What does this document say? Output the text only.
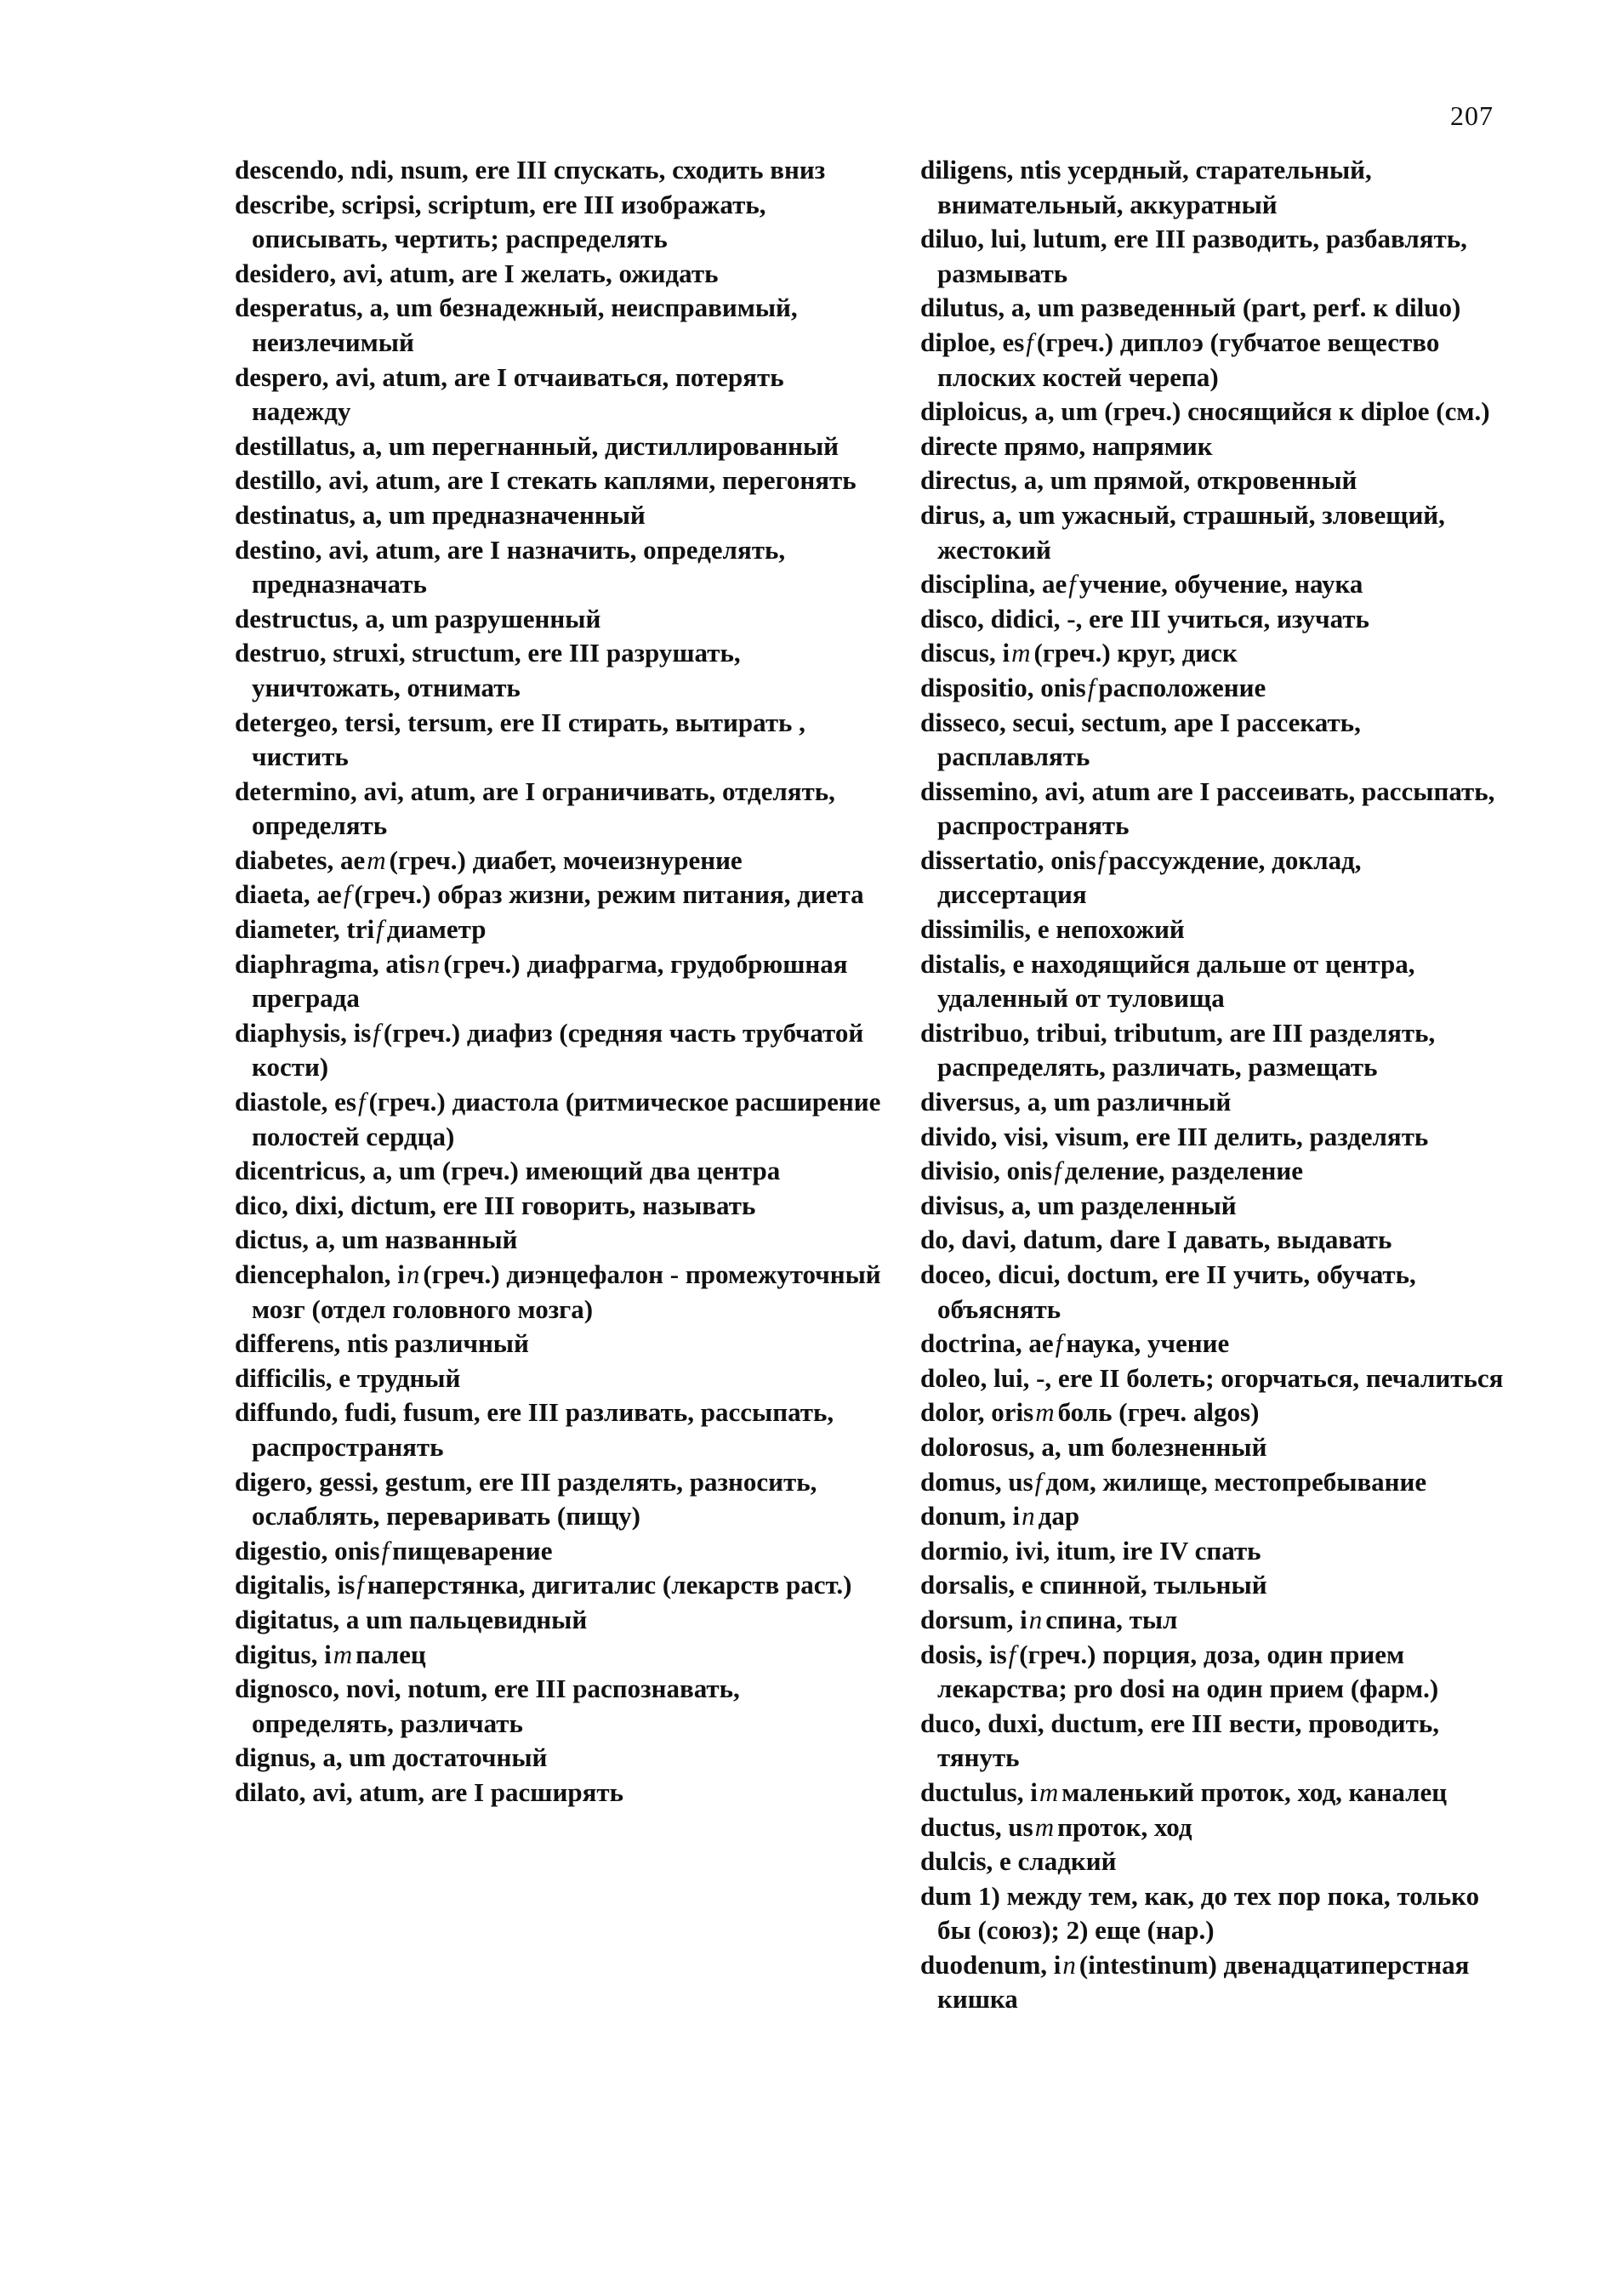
207

descendo, ndi, nsum, ere III спускать, сходить вниз

describe, scripsi, scriptum, ere III изображать, описывать, чертить; распределять

desidero, avi, atum, are I желать, ожидать

desperatus, a, um безнадежный, неисправимый, неизлечимый

despero, avi, atum, are I отчаиваться, потерять надежду

destillatus, a, um перегнанный, дистиллированный

destillo, avi, atum, are I стекать каплями, перегонять

destinatus, a, um предназначенный

destino, avi, atum, are I назначить, определять, предназначать

destructus, a, um разрушенный

destruo, struxi, structum, ere III разрушать, уничтожать, отнимать

detergeo, tersi, tersum, ere II стирать, вытирать , чистить

determino, avi, atum, are I ограничивать, отделять, определять

diabetes, aem (греч.) диабет, мочеизнурение

diaeta, aef (греч.) образ жизни, режим питания, диета

diameter, trif диаметр

diaphragma, atisn (греч.) диафрагма, грудобрюшная преграда

diaphysis, isf (греч.) диафиз (средняя часть трубчатой кости)

diastole, esf (греч.) диастола (ритмическое расширение полостей сердца)

dicentricus, a, um (греч.) имеющий два центра

dico, dixi, dictum, ere III говорить, называть

dictus, a, um названный

diencephalon, in (греч.) диэнцефалон - промежуточный мозг (отдел головного мозга)

differens, ntis различный

difficilis, e трудный

diffundo, fudi, fusum, ere III разливать, рассыпать, распространять

digero, gessi, gestum, ere III разделять, разносить, ослаблять, переваривать (пищу)

digestio, onisf пищеварение

digitalis, isf наперстянка, дигиталис (лекарств раст.)

digitatus, a um пальцевидный

digitus, im палец

dignosco, novi, notum, ere III распознавать, определять, различать

dignus, a, um достаточный

dilato, avi, atum, are I расширять

diligens, ntis усердный, старательный, внимательный, аккуратный

diluo, lui, lutum, ere III разводить, разбавлять, размывать

dilutus, a, um разведенный (part, perf. к diluo)

diploe, esf (греч.) диплоэ (губчатое вещество плоских костей черепа)

diploicus, a, um (греч.) сносящийся к diploe (см.)

directe прямо, напрямик

directus, a, um прямой, откровенный

dirus, a, um ужасный, страшный, зловещий, жестокий

disciplina, aef учение, обучение, наука

disco, didici, -, ere III учиться, изучать

discus, im (греч.) круг, диск

dispositio, onisf расположение

disseco, secui, sectum, аре I рассекать, расплавлять

dissemino, avi, atum are I рассеивать, рассыпать, распространять

dissertatio, onisf рассуждение, доклад, диссертация

dissimilis, e непохожий

distalis, e находящийся дальше от центра, удаленный от туловища

distribuo, tribui, tributum, are III разделять, распределять, различать, размещать

diversus, a, um различный

divido, visi, visum, ere III делить, разделять

divisio, onisf деление, разделение

divisus, a, um разделенный

do, davi, datum, dare I давать, выдавать

doceo, dicui, doctum, ere II учить, обучать, объяснять

doctrina, aef наука, учение

doleo, lui, -, ere II болеть; огорчаться, печалиться

dolor, orism боль (греч. algos)

dolorosus, a, um болезненный

domus, usf дом, жилище, местопребывание

donum, in дар

dormio, ivi, itum, ire IV спать

dorsalis, e спинной, тыльный

dorsum, in спина, тыл

dosis, isf (греч.) порция, доза, один прием лекарства; pro dosi на один прием (фарм.)

duco, duxi, ductum, ere III вести, проводить, тянуть

ductulus, im маленький проток, ход, каналец

ductus, usm проток, ход

dulcis, e сладкий

dum 1) между тем, как, до тех пор пока, только бы (союз); 2) еще (нар.)

duodenum, in (intestinum) двенадцатиперстная кишка
